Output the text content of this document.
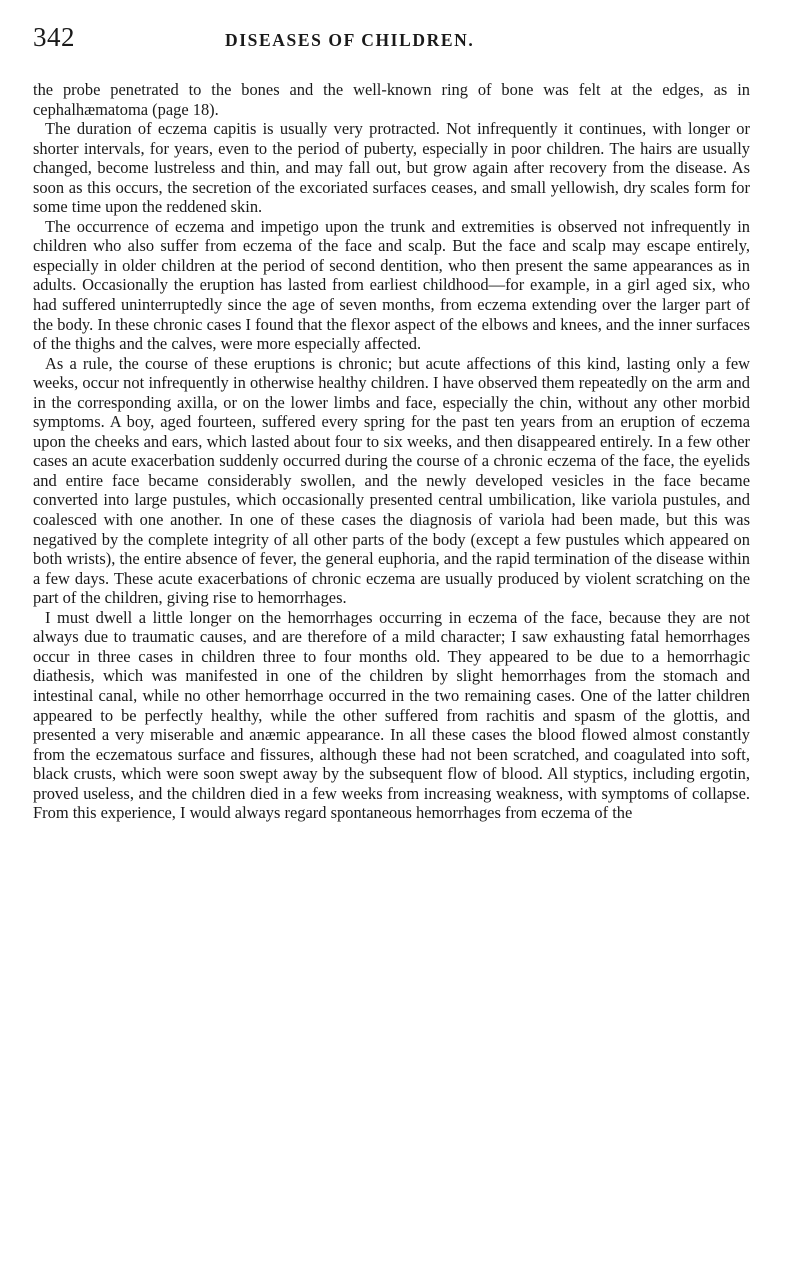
342	DISEASES OF CHILDREN.

the probe penetrated to the bones and the well-known ring of bone was felt at the edges, as in cephalhæmatoma (page 18).

The duration of eczema capitis is usually very protracted. Not infrequently it continues, with longer or shorter intervals, for years, even to the period of puberty, especially in poor children. The hairs are usually changed, become lustreless and thin, and may fall out, but grow again after recovery from the disease. As soon as this occurs, the secretion of the excoriated surfaces ceases, and small yellowish, dry scales form for some time upon the reddened skin.

The occurrence of eczema and impetigo upon the trunk and extremities is observed not infrequently in children who also suffer from eczema of the face and scalp. But the face and scalp may escape entirely, especially in older children at the period of second dentition, who then present the same appearances as in adults. Occasionally the eruption has lasted from earliest childhood—for example, in a girl aged six, who had suffered uninterruptedly since the age of seven months, from eczema extending over the larger part of the body. In these chronic cases I found that the flexor aspect of the elbows and knees, and the inner surfaces of the thighs and the calves, were more especially affected.

As a rule, the course of these eruptions is chronic; but acute affections of this kind, lasting only a few weeks, occur not infrequently in otherwise healthy children. I have observed them repeatedly on the arm and in the corresponding axilla, or on the lower limbs and face, especially the chin, without any other morbid symptoms. A boy, aged fourteen, suffered every spring for the past ten years from an eruption of eczema upon the cheeks and ears, which lasted about four to six weeks, and then disappeared entirely. In a few other cases an acute exacerbation suddenly occurred during the course of a chronic eczema of the face, the eyelids and entire face became considerably swollen, and the newly developed vesicles in the face became converted into large pustules, which occasionally presented central umbilication, like variola pustules, and coalesced with one another. In one of these cases the diagnosis of variola had been made, but this was negatived by the complete integrity of all other parts of the body (except a few pustules which appeared on both wrists), the entire absence of fever, the general euphoria, and the rapid termination of the disease within a few days. These acute exacerbations of chronic eczema are usually produced by violent scratching on the part of the children, giving rise to hemorrhages.

I must dwell a little longer on the hemorrhages occurring in eczema of the face, because they are not always due to traumatic causes, and are therefore of a mild character; I saw exhausting fatal hemorrhages occur in three cases in children three to four months old. They appeared to be due to a hemorrhagic diathesis, which was manifested in one of the children by slight hemorrhages from the stomach and intestinal canal, while no other hemorrhage occurred in the two remaining cases. One of the latter children appeared to be perfectly healthy, while the other suffered from rachitis and spasm of the glottis, and presented a very miserable and anæmic appearance. In all these cases the blood flowed almost constantly from the eczematous surface and fissures, although these had not been scratched, and coagulated into soft, black crusts, which were soon swept away by the subsequent flow of blood. All styptics, including ergotin, proved useless, and the children died in a few weeks from increasing weakness, with symptoms of collapse. From this experience, I would always regard spontaneous hemorrhages from eczema of the
